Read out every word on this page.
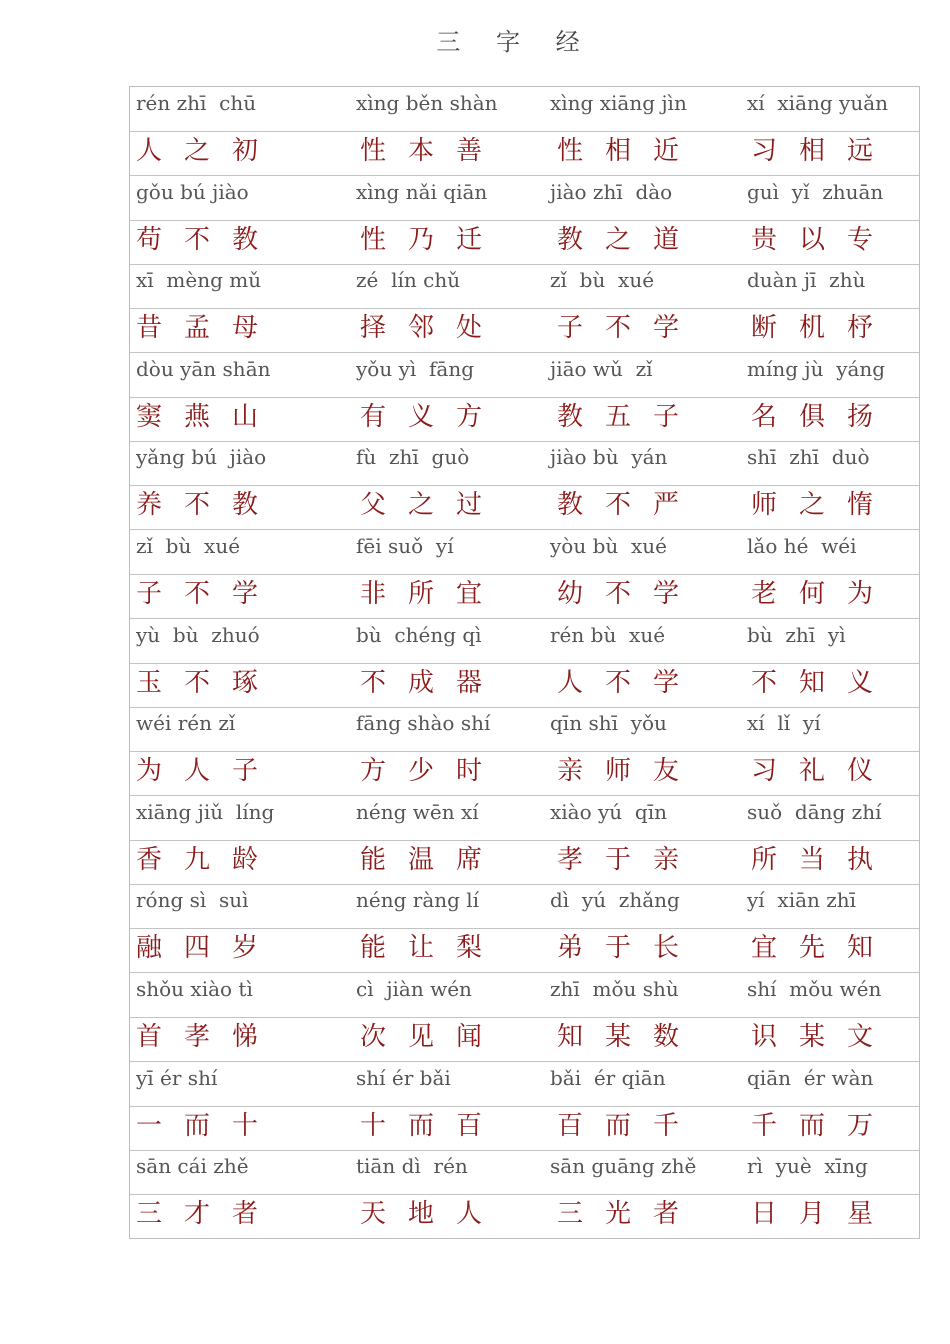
三 字 经
rén zhī  chū
人 之 初
xìng běn shàn
性 本 善
xìng xiāng jìn
性 相 近
xí  xiāng yuǎn
习 相 远
gǒu bú jiào
苟 不 教
xìng nǎi qiān
性 乃 迁
jiào zhī  dào
教 之 道
guì  yǐ  zhuān
贵 以 专
xī  mèng mǔ
昔 孟 母
zé  lín chǔ
择 邻 处
zǐ  bù  xué
子 不 学
duàn jī  zhù
断 机 杼
dòu yān shān
窦 燕 山
yǒu yì  fāng
有 义 方
jiāo wǔ  zǐ
教 五 子
míng jù  yáng
名 俱 扬
yǎng bú  jiào
养 不 教
fù  zhī  guò
父 之 过
jiào bù  yán
教 不 严
shī  zhī  duò
师 之 惰
zǐ  bù  xué
子 不 学
fēi suǒ  yí
非 所 宜
yòu bù  xué
幼 不 学
lǎo hé  wéi
老 何 为
yù  bù  zhuó
玉 不 琢
bù  chéng qì
不 成 器
rén bù  xué
人 不 学
bù  zhī  yì
不 知 义
wéi rén zǐ
为 人 子
fāng shào shí
方 少 时
qīn shī  yǒu
亲 师 友
xí  lǐ  yí
习 礼 仪
xiāng jiǔ  líng
香 九 龄
néng wēn xí
能 温 席
xiào yú  qīn
孝 于 亲
suǒ  dāng zhí
所 当 执
róng sì  suì
融 四 岁
néng ràng lí
能 让 梨
dì  yú  zhǎng
弟 于 长
yí  xiān zhī
宜 先 知
shǒu xiào tì
首 孝 悌
cì  jiàn wén
次 见 闻
zhī  mǒu shù
知 某 数
shí  mǒu wén
识 某 文
yī ér shí
一 而 十
shí ér bǎi
十 而 百
bǎi  ér qiān
百 而 千
qiān  ér wàn
千 而 万
sān cái zhě
三 才 者
tiān dì  rén
天 地 人
sān guāng zhě
三 光 者
rì  yuè  xīng
日 月 星
